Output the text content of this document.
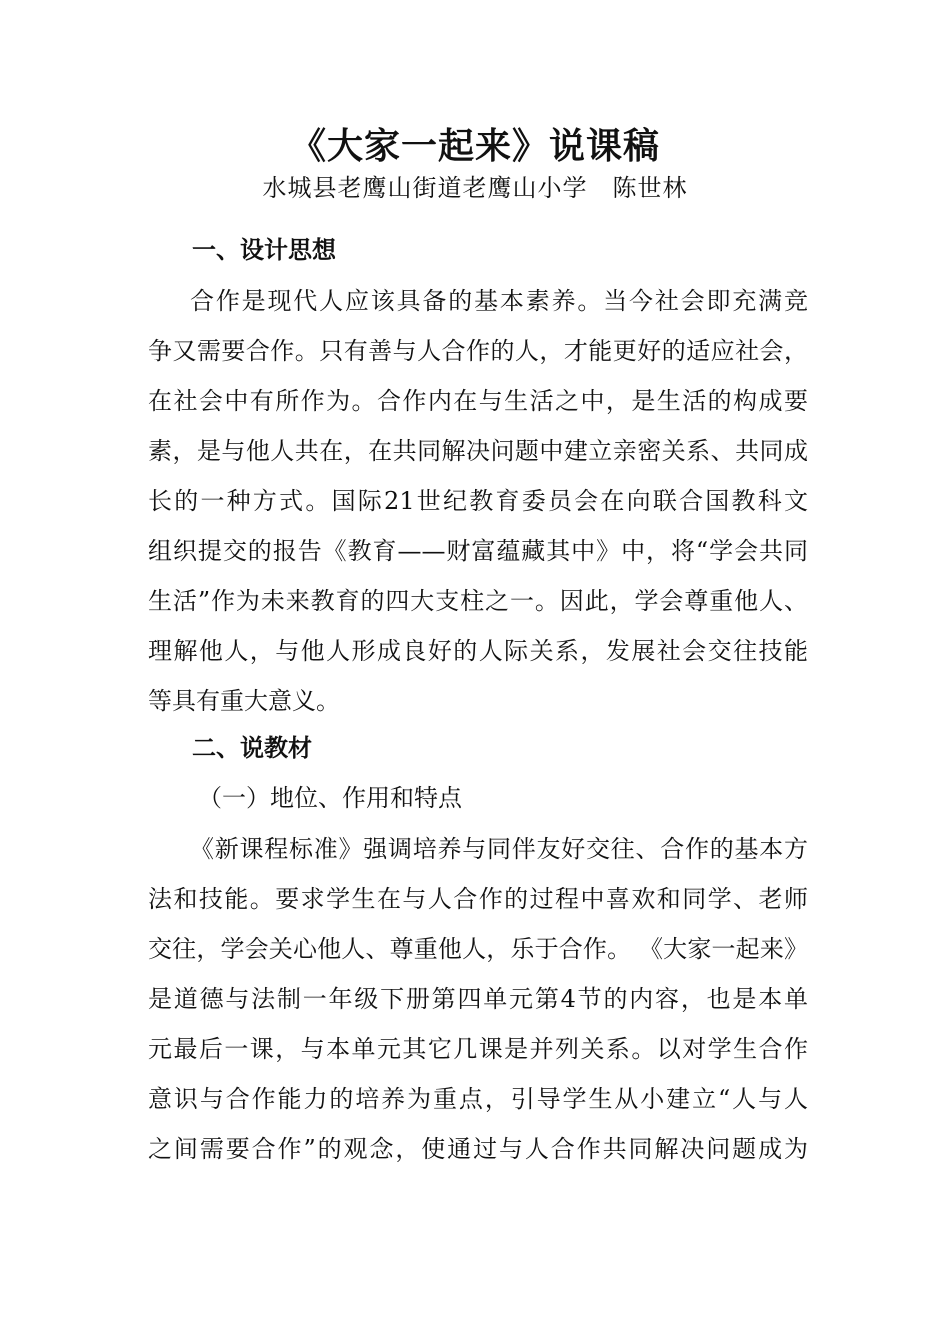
《大家一起来》说课稿
水城县老鹰山街道老鹰山小学　陈世林
一、设计思想
合作是现代人应该具备的基本素养。当今社会即充满竞
争又需要合作。只有善与人合作的人，才能更好的适应社会，
在社会中有所作为。合作内在与生活之中，是生活的构成要
素，是与他人共在，在共同解决问题中建立亲密关系、共同成
长的一种方式。国际21世纪教育委员会在向联合国教科文
组织提交的报告《教育——财富蕴藏其中》中，将“学会共同
生活”作为未来教育的四大支柱之一。因此，学会尊重他人、
理解他人，与他人形成良好的人际关系，发展社会交往技能
等具有重大意义。
二、说教材
（一）地位、作用和特点
《新课程标准》强调培养与同伴友好交往、合作的基本方
法和技能。要求学生在与人合作的过程中喜欢和同学、老师
交往，学会关心他人、尊重他人，乐于合作。 《大家一起来》
是道德与法制一年级下册第四单元第4节的内容，也是本单
元最后一课，与本单元其它几课是并列关系。以对学生合作
意识与合作能力的培养为重点，引导学生从小建立“人与人
之间需要合作”的观念，使通过与人合作共同解决问题成为
